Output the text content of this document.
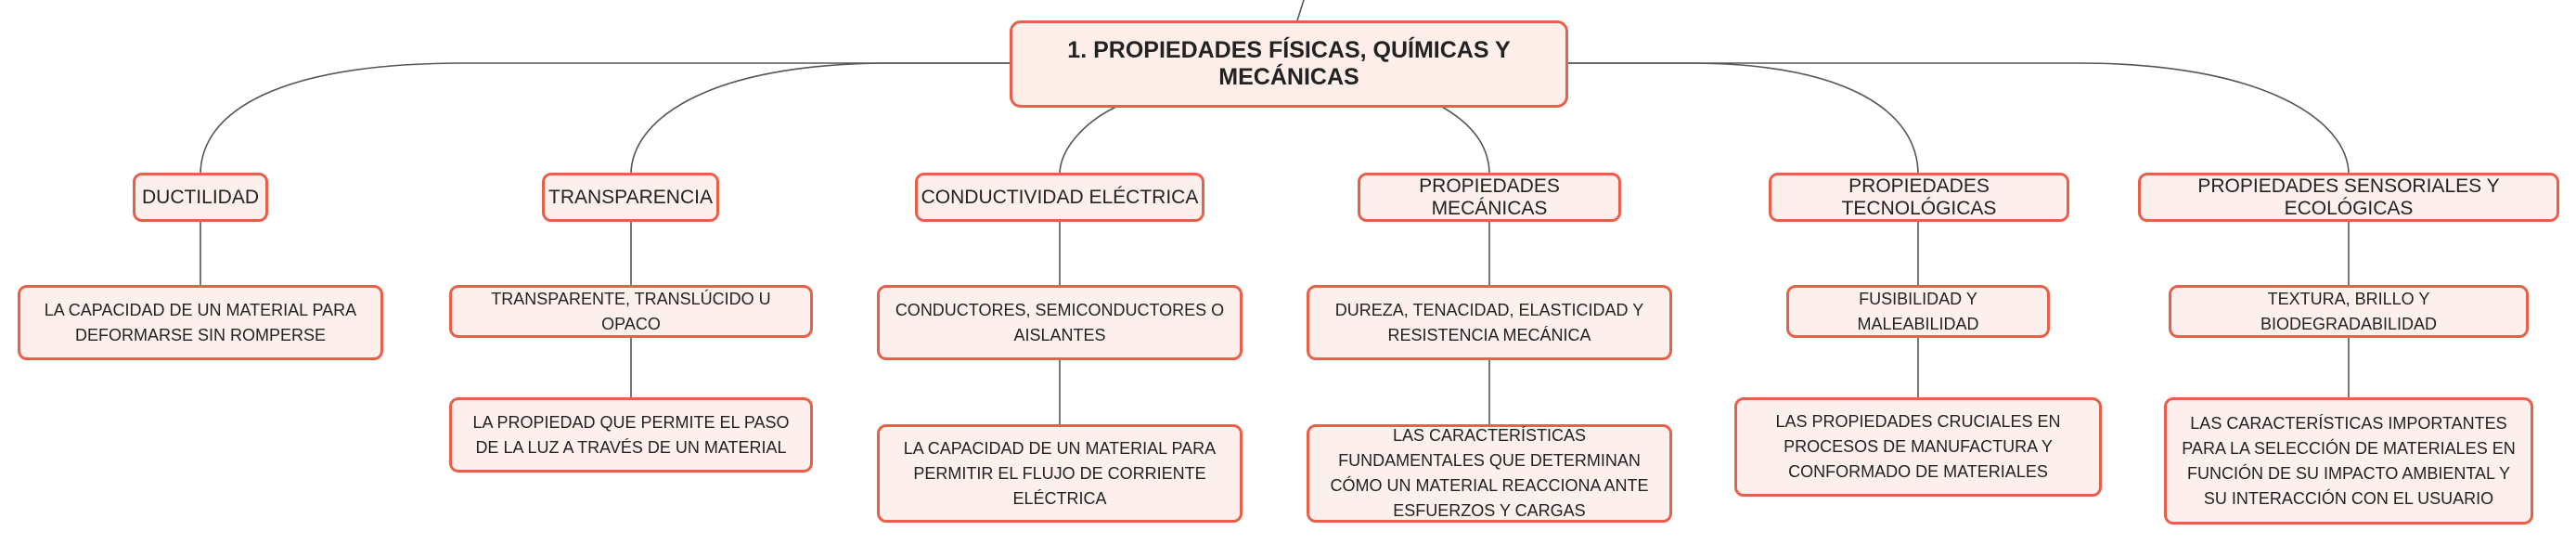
1. PROPIEDADES FÍSICAS, QUÍMICAS Y MECÁNICAS
DUCTILIDAD	TRANSPARENCIA	CONDUCTIVIDAD ELÉCTRICA
PROPIEDADES MECÁNICAS
PROPIEDADES TECNOLÓGICAS
PROPIEDADES SENSORIALES Y ECOLÓGICAS
LA CAPACIDAD DE UN MATERIAL PARA DEFORMARSE SIN ROMPERSE
TRANSPARENTE, TRANSLÚCIDO U OPACO
CONDUCTORES, SEMICONDUCTORES O AISLANTES
DUREZA, TENACIDAD, ELASTICIDAD Y RESISTENCIA MECÁNICA
FUSIBILIDAD Y MALEABILIDAD
TEXTURA, BRILLO Y BIODEGRADABILIDAD
LA PROPIEDAD QUE PERMITE EL PASO DE LA LUZ A TRAVÉS DE UN MATERIAL	LA CAPACIDAD DE UN MATERIAL PARA PERMITIR EL FLUJO DE CORRIENTE ELÉCTRICA
LAS CARACTERÍSTICAS FUNDAMENTALES QUE DETERMINAN CÓMO UN MATERIAL REACCIONA ANTE ESFUERZOS Y CARGAS
LAS PROPIEDADES CRUCIALES EN PROCESOS DE MANUFACTURA Y CONFORMADO DE MATERIALES
LAS CARACTERÍSTICAS IMPORTANTES PARA LA SELECCIÓN DE MATERIALES EN FUNCIÓN DE SU IMPACTO AMBIENTAL Y SU INTERACCIÓN CON EL USUARIO
